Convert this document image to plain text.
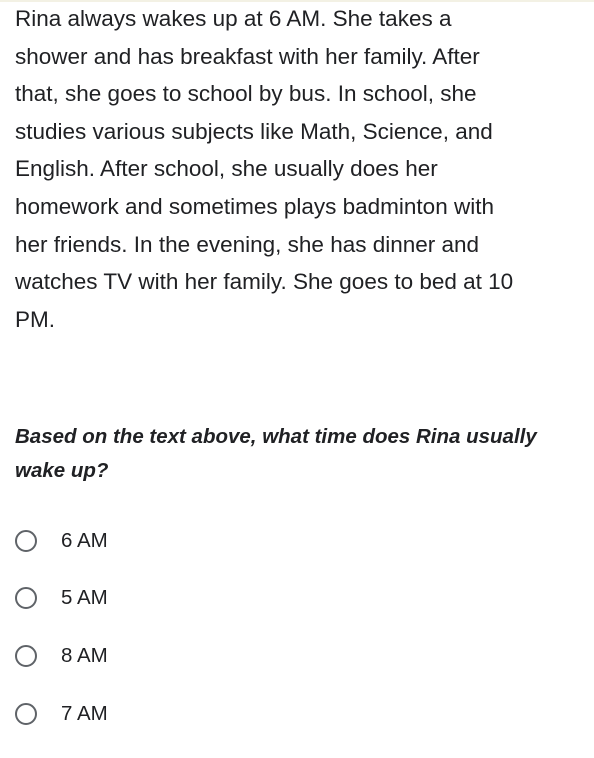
Rina always wakes up at 6 AM. She takes a
shower and has breakfast with her family. After
that, she goes to school by bus. In school, she
studies various subjects like Math, Science, and
English. After school, she usually does her
homework and sometimes plays badminton with
her friends. In the evening, she has dinner and
watches TV with her family. She goes to bed at 10
PM.

Based on the text above, what time does Rina usually
wake up?

6 AM
5 AM
8 AM
7 AM
